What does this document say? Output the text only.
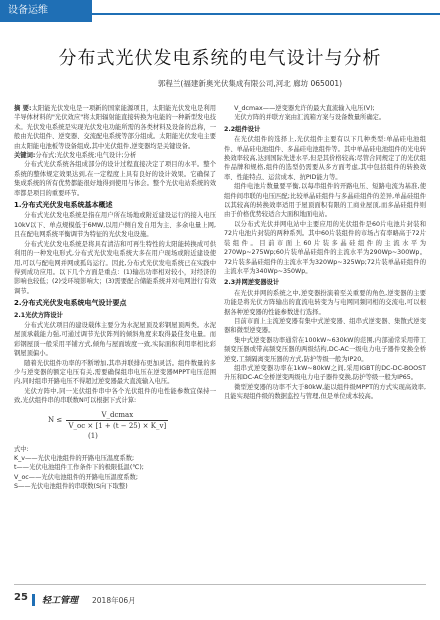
设备运维
分布式光伏发电系统的电气设计与分析
郭程兰(福建新奥光伏集成有限公司,河北 廊坊 065001)

摘 要:太阳能光伏发电是一项新的国家能源项目，太阳能光伏发电是利用半导体材料的"光伏效应"将太阳辐射能直接转换为电能的一种新型发电技术。光伏发电系统是实现光伏发电功能所需的各类材料及设备的总称，一般由光伏组件、逆变器、交流配电系统等部分组成。太阳能光伏发电主要由太阳能电池板等设备组成,其中光伏组件,逆变器均是关键设备。

关键词:分布式;光伏发电系统;电气设计;分析

分布式光伏系统各组成部分的设计过程直接决定了项目的水平。整个系统的整体规定效果达到,在一定程度上具有良好的设计效果。它确保了集成系统的所有优势都能很好地得到使用与体会。整个光伏电站系统的效率都是项目的重要环节。

1.分布式光伏发电系统基本概述

分布式光伏发电系统是指在用户所在场地或附近建设运行的接入电压10kV以下、单点规模低于6MW,以用户侧自发自用为主、多余电量上网,且在配电网系统平衡调节为特征的光伏发电设施。

分布式光伏发电系统是将具有清洁和可再生特性的太阳能转换成可供利用的一种发电形式,分布式光伏发电系统大多在用户现场或附近建设使用,可以与配电网并网或孤岛运行。因此,分布式光伏发电系统已在实践中得到成功应用。以下几个方面是重点：(1)输出功率相对较小，对经济的影响也较低；(2)受环境影响大；(3)需要配合储能系统并对电网进行有效调节。

2.分布式光伏发电系统电气设计要点

2.1光伏方阵设计

分布式光伏项目的建设载体主要分为水泥屋顶及彩钢屋顶两类。水泥屋顶承载能力强,可通过调节光伏阵列的倾斜角度来取得最佳发电量。而彩钢屋顶一般采用平铺方式,倾角与屋面坡度一致,实际面积利用率相比彩钢屋顶偏小。

随着光伏组件功率的不断增加,其串并联排布更加灵活。组件数量的多少与逆变器的额定电压有关,需要确保组串电压在逆变器MPPT电压范围内,同时组串开路电压不得超过逆变器最大直流输入电压。

光伏方阵中,同一光伏组件串中各个光伏组件的电性能参数宜保持一致,光伏组件串的串联数N可以根据下式计算:

$N \le \frac{V\_dcmax}{V\_oc \times [1 + (t - 25) \times K\_v]}$
(1)

式中:

K_v——光伏电池组件的开路电压温度系数;

t——光伏电池组件工作条件下的极限低温(℃);

V_oc——光伏电池组件的开路电压温度系数;

S——光伏电池组件的串联数(S向下取整)

V_dcmax——逆变器允许的最大直流输入电压(V);

光伏方阵的并联方案由汇流箱方案与设备数量所确定。

2.2组件设计

在光伏组件的选择上,光伏组件主要有以下几种类型:单晶硅电池组件、单晶硅电池组件、多晶硅电池组件等。其中单晶硅电池组件的光电转换效率较高,达到国际先进水平,但是其价格较高;尽管合同规定了的光伏组件品牌和规格,组件的选型仍需要从多方面考虑,其中包括组件的转换效率、性能特点、运营成本、抗PID能力等。

组件电池片数量要平衡,以每串组件的开路电压、短路电流为基准,使组件间串联的电压匹配;比较单晶硅组件与多晶硅组件的差异,单晶硅组件以其较高的转换效率适用于屋顶面积有限的工商业屋顶,而多晶硅组件则由于价格优势较适合大面积地面电站。

以分布式光伏并网电站中主要应用的光伏组件是60片电池片封装和72片电池片封装的两种系列。其中60片装组件的市场占有率略高于72片装组件。目前市面上60片装多晶硅组件的主流水平为270Wp~275Wp;60片装单晶硅组件的主流水平为290Wp~300Wp。72片装多晶硅组件的主流水平为320Wp~325Wp;72片装单晶硅组件的主流水平为340Wp~350Wp。

2.3并网逆变器设计

在光伏并网的系统之中,逆变器扮演着至关重要的角色,逆变器的主要功能是将光伏方阵输出的直流电转变为与电网同频同相的交流电,可以根据各种逆变器的性能参数进行选择。

目前市面上主流逆变器有集中式逆变器、组串式逆变器、集散式逆变器和微型逆变器。

集中式逆变器功率通常在100kW~630kW的范围,内部通常采用带工频变压器或带高频变压器的两级结构,DC-AC一级电力电子器件变换全桥逆变,工频隔离变压器的方式,防护等级一般为IP20。

组串式逆变器功率在1kW~80kW之间,采用IGBT的DC-DC-BOOST升压和DC-AC全桥逆变两级电力电子器件变换,防护等级一般为IP65。

微型逆变器的功率不大于80kW,能以组件级MPPT的方式实现高效率,且能实现组件级的数据监控与管理,但是单位成本较高。

25 轻工管理 2018年06月
